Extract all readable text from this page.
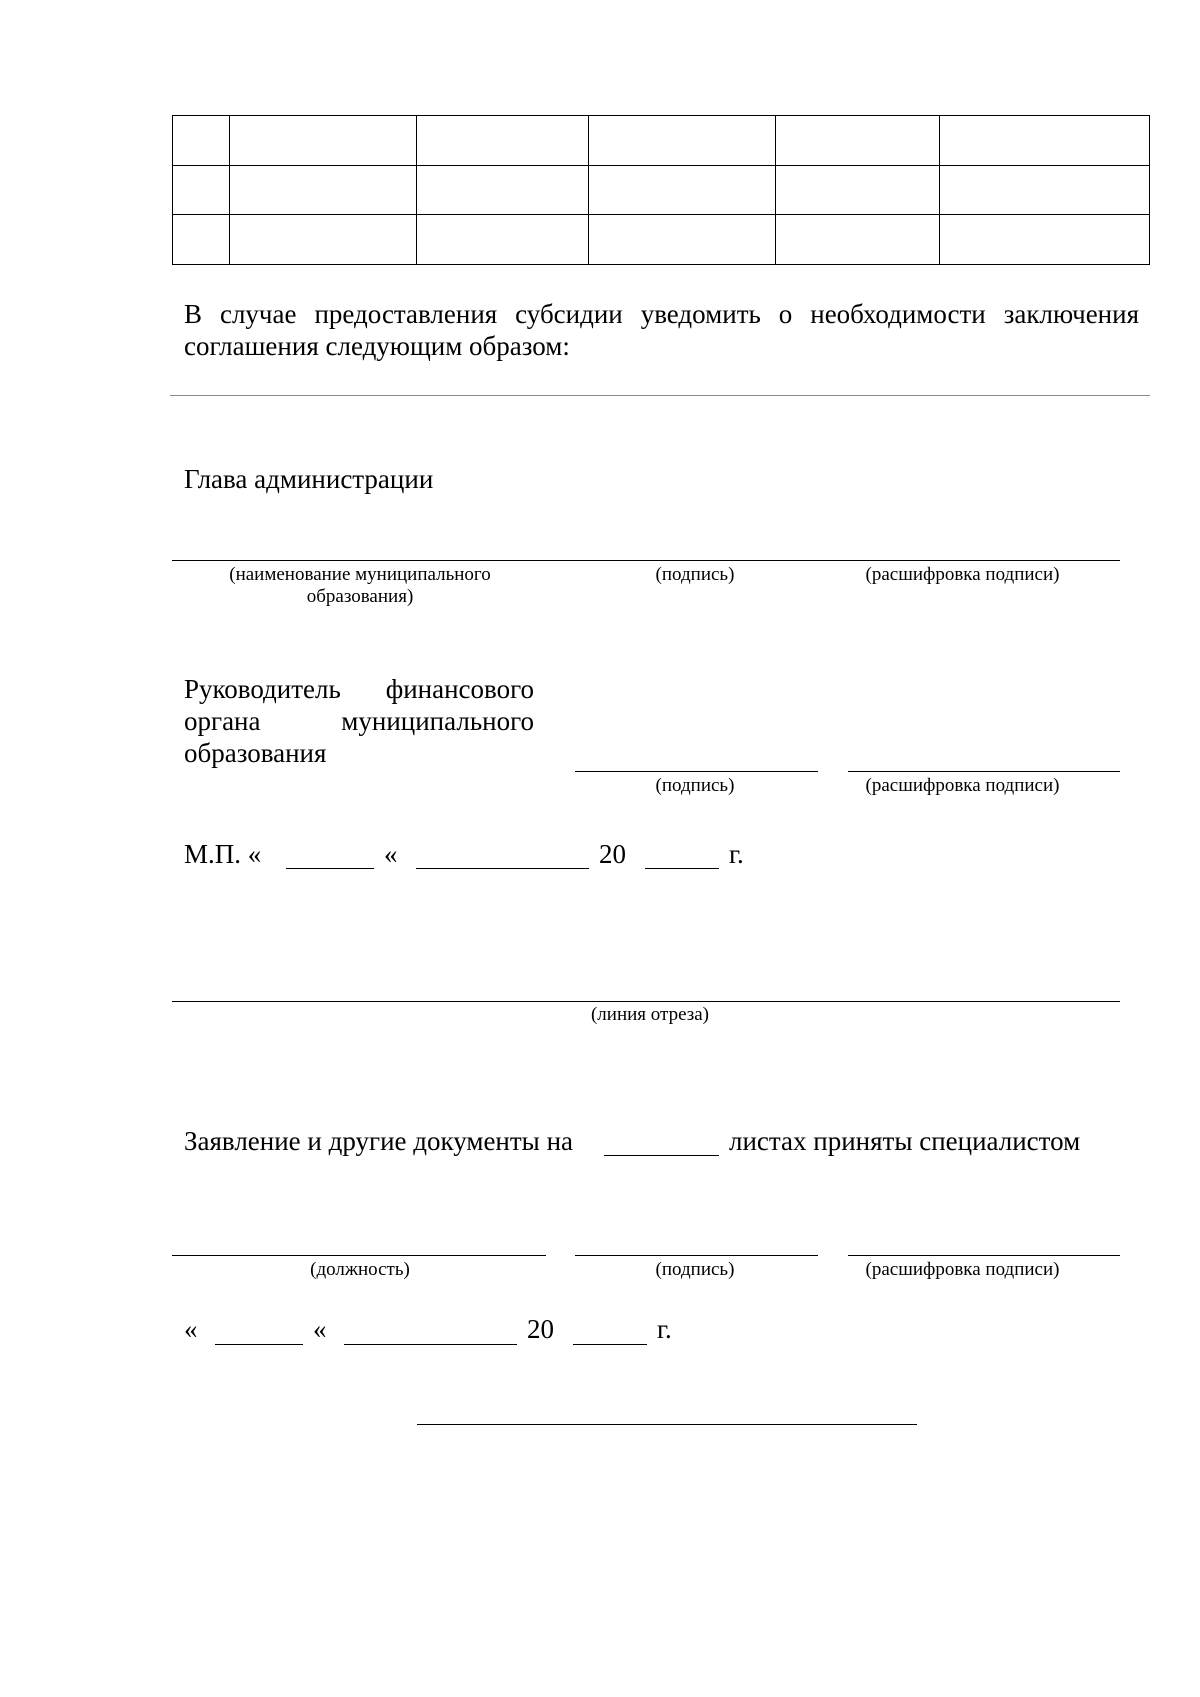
В случае предоставления субсидии уведомить о необходимости заключения соглашения следующим образом:
Глава администрации
(наименование муниципального образования)
(подпись)	(расшифровка подписи)
Руководитель финансового органа муниципального образования
(подпись)	(расшифровка подписи)
М.П. «	«	20	г.
(линия отреза)
Заявление и другие документы на	листах приняты специалистом
(должность)	(подпись)	(расшифровка подписи)
«	«	20	г.
